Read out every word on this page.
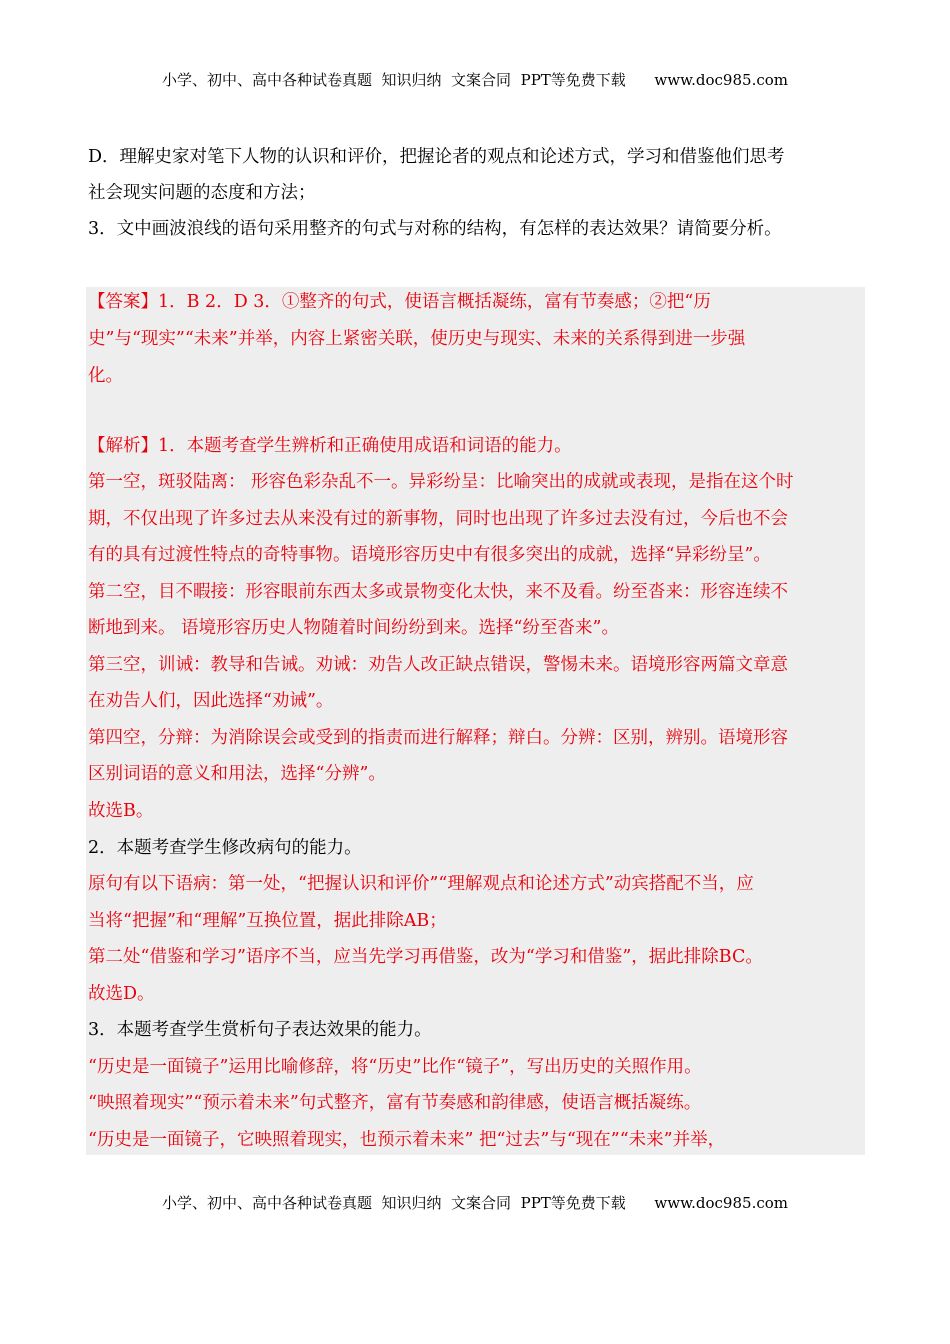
小学、初中、高中各种试卷真题  知识归纳  文案合同  PPT等免费下载      www.doc985.com
D．理解史家对笔下人物的认识和评价，把握论者的观点和论述方式，学习和借鉴他们思考
社会现实问题的态度和方法；
3．文中画波浪线的语句采用整齐的句式与对称的结构，有怎样的表达效果？请简要分析。
【答案】1．B 2．D 3．①整齐的句式，使语言概括凝练，富有节奏感；②把“历
史”与“现实”“未来”并举，内容上紧密关联，使历史与现实、未来的关系得到进一步强
化。
【解析】1．本题考查学生辨析和正确使用成语和词语的能力。
第一空，斑驳陆离： 形容色彩杂乱不一。异彩纷呈：比喻突出的成就或表现，是指在这个时
期，不仅出现了许多过去从来没有过的新事物，同时也出现了许多过去没有过，今后也不会
有的具有过渡性特点的奇特事物。语境形容历史中有很多突出的成就，选择“异彩纷呈”。
第二空，目不暇接：形容眼前东西太多或景物变化太快，来不及看。纷至沓来：形容连续不
断地到来。 语境形容历史人物随着时间纷纷到来。选择“纷至沓来”。
第三空，训诫：教导和告诫。劝诫：劝告人改正缺点错误，警惕未来。语境形容两篇文章意
在劝告人们，因此选择“劝诫”。
第四空，分辩：为消除误会或受到的指责而进行解释；辩白。分辨：区别，辨别。语境形容
区别词语的意义和用法，选择“分辨”。
故选B。
2．本题考查学生修改病句的能力。
原句有以下语病：第一处，“把握认识和评价”“理解观点和论述方式”动宾搭配不当，应
当将“把握”和“理解”互换位置，据此排除AB；
第二处“借鉴和学习”语序不当，应当先学习再借鉴，改为“学习和借鉴”，据此排除BC。
故选D。
3．本题考查学生赏析句子表达效果的能力。
“历史是一面镜子”运用比喻修辞，将“历史”比作“镜子”，写出历史的关照作用。
“映照着现实”“预示着未来”句式整齐，富有节奏感和韵律感，使语言概括凝练。
“历史是一面镜子，它映照着现实，也预示着未来” 把“过去”与“现在”“未来”并举，
小学、初中、高中各种试卷真题  知识归纳  文案合同  PPT等免费下载      www.doc985.com
